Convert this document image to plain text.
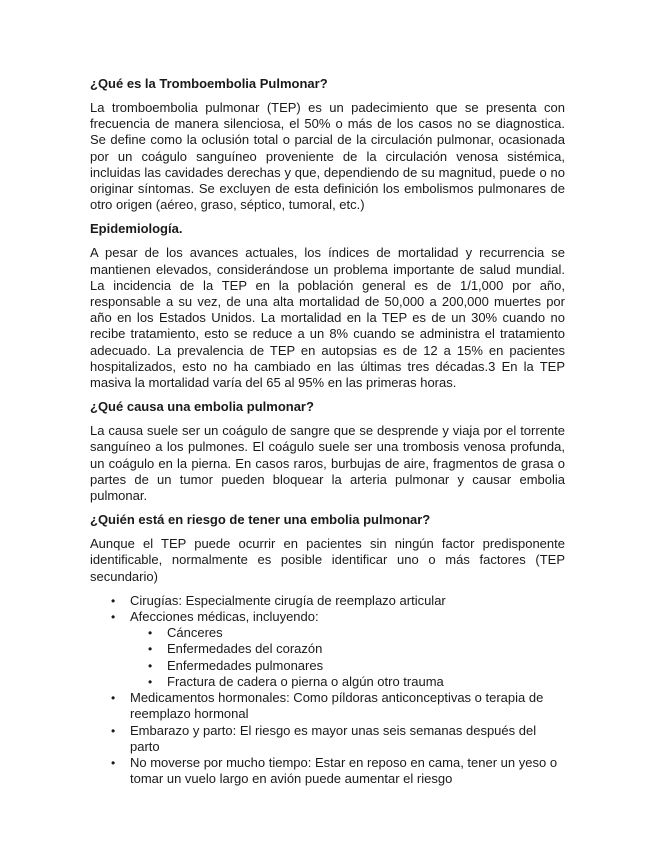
¿Qué es la Tromboembolia Pulmonar?

La tromboembolia pulmonar (TEP) es un padecimiento que se presenta con frecuencia de manera silenciosa, el 50% o más de los casos no se diagnostica. Se define como la oclusión total o parcial de la circulación pulmonar, ocasionada por un coágulo sanguíneo proveniente de la circulación venosa sistémica, incluidas las cavidades derechas y que, dependiendo de su magnitud, puede o no originar síntomas. Se excluyen de esta definición los embolismos pulmonares de otro origen (aéreo, graso, séptico, tumoral, etc.)

Epidemiología.

A pesar de los avances actuales, los índices de mortalidad y recurrencia se mantienen elevados, considerándose un problema importante de salud mundial. La incidencia de la TEP en la población general es de 1/1,000 por año, responsable a su vez, de una alta mortalidad de 50,000 a 200,000 muertes por año en los Estados Unidos. La mortalidad en la TEP es de un 30% cuando no recibe tratamiento, esto se reduce a un 8% cuando se administra el tratamiento adecuado. La prevalencia de TEP en autopsias es de 12 a 15% en pacientes hospitalizados, esto no ha cambiado en las últimas tres décadas.3 En la TEP masiva la mortalidad varía del 65 al 95% en las primeras horas.

¿Qué causa una embolia pulmonar?

La causa suele ser un coágulo de sangre que se desprende y viaja por el torrente sanguíneo a los pulmones. El coágulo suele ser una trombosis venosa profunda, un coágulo en la pierna. En casos raros, burbujas de aire, fragmentos de grasa o partes de un tumor pueden bloquear la arteria pulmonar y causar embolia pulmonar.

¿Quién está en riesgo de tener una embolia pulmonar?

Aunque el TEP puede ocurrir en pacientes sin ningún factor predisponente identificable, normalmente es posible identificar uno o más factores (TEP secundario)

• Cirugías: Especialmente cirugía de reemplazo articular
• Afecciones médicas, incluyendo:
• Cánceres
• Enfermedades del corazón
• Enfermedades pulmonares
• Fractura de cadera o pierna o algún otro trauma
• Medicamentos hormonales: Como píldoras anticonceptivas o terapia de reemplazo hormonal
• Embarazo y parto: El riesgo es mayor unas seis semanas después del parto
• No moverse por mucho tiempo: Estar en reposo en cama, tener un yeso o tomar un vuelo largo en avión puede aumentar el riesgo
